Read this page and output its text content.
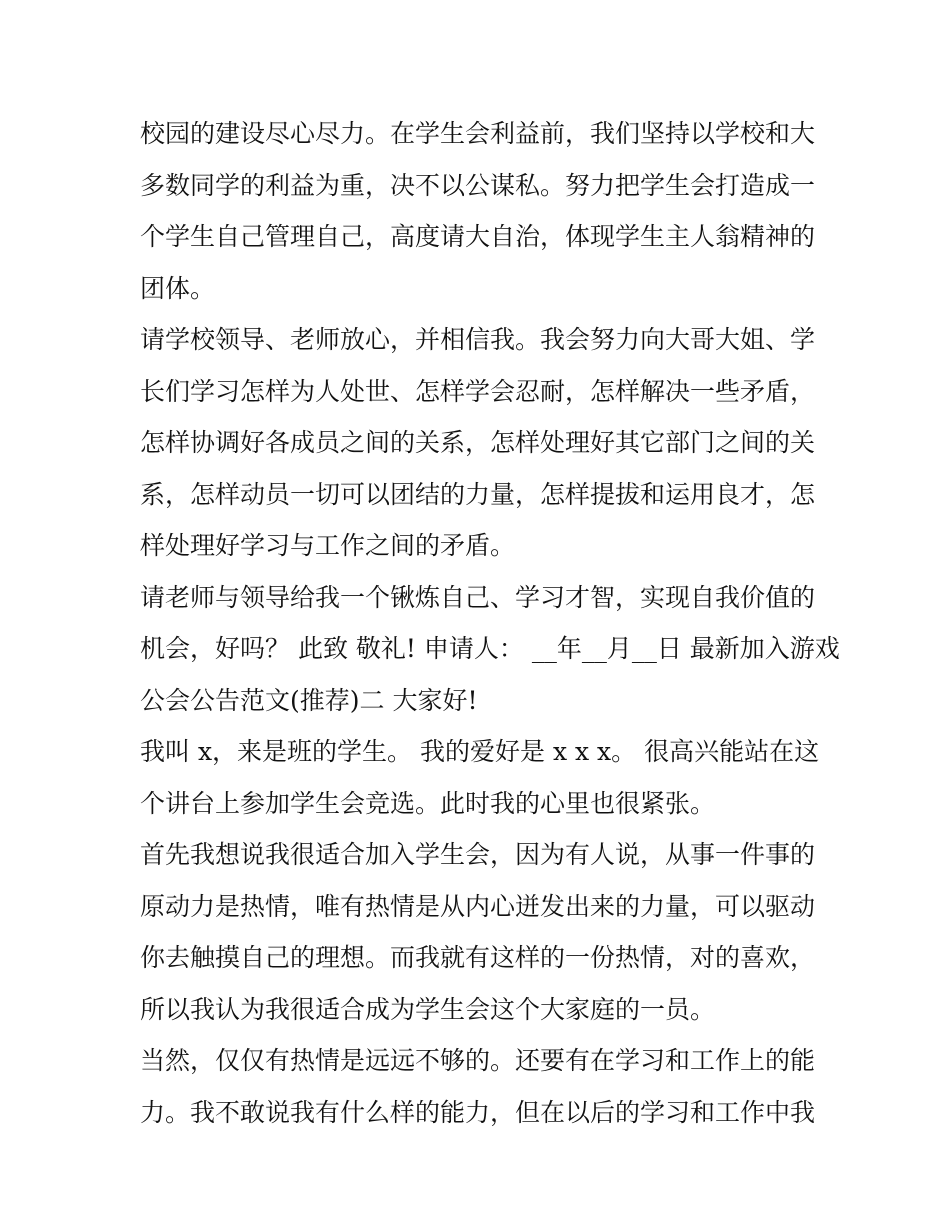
校园的建设尽心尽力。在学生会利益前，我们坚持以学校和大
多数同学的利益为重，决不以公谋私。努力把学生会打造成一
个学生自己管理自己，高度请大自治，体现学生主人翁精神的
团体。
请学校领导、老师放心，并相信我。我会努力向大哥大姐、学
长们学习怎样为人处世、怎样学会忍耐，怎样解决一些矛盾，
怎样协调好各成员之间的关系，怎样处理好其它部门之间的关
系，怎样动员一切可以团结的力量，怎样提拔和运用良才，怎
样处理好学习与工作之间的矛盾。
请老师与领导给我一个锹炼自己、学习才智，实现自我价值的
机会，好吗？ 此致 敬礼! 申请人： __年__月__日 最新加入游戏
公会公告范文(推荐)二 大家好!
我叫 x，来是班的学生。 我的爱好是 x x x。 很高兴能站在这
个讲台上参加学生会竞选。此时我的心里也很紧张。
首先我想说我很适合加入学生会，因为有人说，从事一件事的
原动力是热情，唯有热情是从内心迸发出来的力量，可以驱动
你去触摸自己的理想。而我就有这样的一份热情，对的喜欢，
所以我认为我很适合成为学生会这个大家庭的一员。
当然，仅仅有热情是远远不够的。还要有在学习和工作上的能
力。我不敢说我有什么样的能力，但在以后的学习和工作中我
